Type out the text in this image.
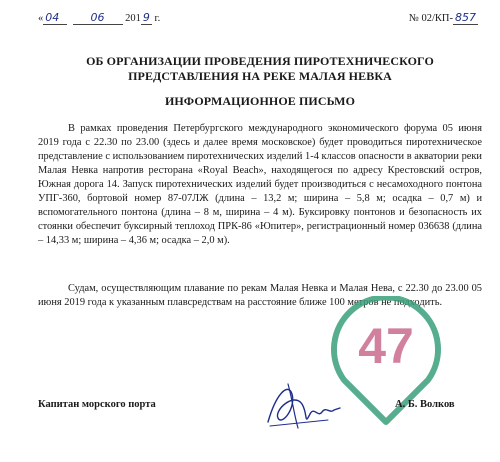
« 04	06 201 9 г.	№ 02/КП- 857
ОБ ОРГАНИЗАЦИИ ПРОВЕДЕНИЯ ПИРОТЕХНИЧЕСКОГО
ПРЕДСТАВЛЕНИЯ НА РЕКЕ МАЛАЯ НЕВКА
ИНФОРМАЦИОННОЕ ПИСЬМО
В рамках проведения Петербургского международного экономического форума 05 июня 2019 года с 22.30 по 23.00 (здесь и далее время московское) будет проводиться пиротехническое представление с использованием пиротехнических изделий 1-4 классов опасности в акватории реки Малая Невка напротив ресторана «Royal Beach», находящегося по адресу Крестовский остров, Южная дорога 14. Запуск пиротехнических изделий будет производиться с несамоходного понтона УПГ-360, бортовой номер 87-07ЛЖ (длина – 13,2 м; ширина – 5,8 м; осадка – 0,7 м) и вспомогательного понтона (длина – 8 м, ширина – 4 м). Буксировку понтонов и безопасность их стоянки обеспечит буксирный теплоход ПРК-86 «Юпитер», регистрационный номер 036638 (длина – 14,33 м; ширина – 4,36 м; осадка – 2,0 м).
Судам, осуществляющим плавание по рекам Малая Невка и Малая Нева, с 22.30 до 23.00 05 июня 2019 года к указанным плавсредствам на расстояние ближе 100 метров не подходить.
47
Капитан морского порта	А. Б. Волков
